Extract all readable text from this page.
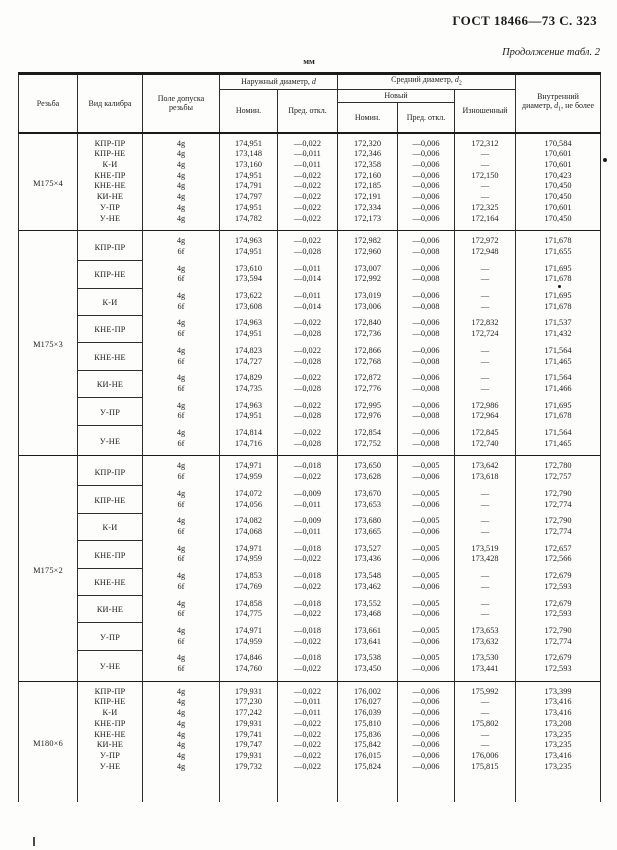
ГОСТ 18466—73 С. 323
Продолжение табл. 2
мм
Резьба	Вид калибра	Поле допуска резьбы	Наружный диаметр, d		Средний диаметр, $d_2$			Внутренний диаметр, $d_1$, не более
			Номин.	Пред. откл.	Новый		Изношенный	
					Номин.	Пред. откл.		
М175×4	КПР-ПР	4g	174,951	—0,022	172,320	—0,006	172,312	170,584
	КПР-НЕ	4g	173,148	—0,011	172,346	—0,006	—	170,601
	К-И	4g	173,160	—0,011	172,358	—0,006	—	170,601
	КНЕ-ПР	4g	174,951	—0,022	172,160	—0,006	172,150	170,423
	КНЕ-НЕ	4g	174,791	—0,022	172,185	—0,006	—	170,450
	КИ-НЕ	4g	174,797	—0,022	172,191	—0,006	—	170,450
	У-ПР	4g	174,951	—0,022	172,334	—0,006	172,325	170,601
	У-НЕ	4g	174,782	—0,022	172,173	—0,006	172,164	170,450
М175×3	КПР-ПР	4g	174,963	—0,022	172,982	—0,006	172,972	171,678
		6f	174,951	—0,028	172,960	—0,008	172,948	171,655
	КПР-НЕ	4g	173,610	—0,011	173,007	—0,006	—	171,695
		6f	173,594	—0,014	172,992	—0,008	—	171,678
	К-И	4g	173,622	—0,011	173,019	—0,006	—	171,695
		6f	173,608	—0,014	173,006	—0,008	—	171,678
	КНЕ-ПР	4g	174,963	—0,022	172,840	—0,006	172,832	171,537
		6f	174,951	—0,028	172,736	—0,008	172,724	171,432
	КНЕ-НЕ	4g	174,823	—0,022	172,866	—0,006	—	171,564
		6f	174,727	—0,028	172,768	—0,008	—	171,465
	КИ-НЕ	4g	174,829	—0,022	172,872	—0,006	—	171,564
		6f	174,735	—0,028	172,776	—0,008	—	171,466
	У-ПР	4g	174,963	—0,022	172,995	—0,006	172,986	171,695
		6f	174,951	—0,028	172,976	—0,008	172,964	171,678
	У-НЕ	4g	174,814	—0,022	172,854	—0,006	172,845	171,564
		6f	174,716	—0,028	172,752	—0,008	172,740	171,465
М175×2	КПР-ПР	4g	174,971	—0,018	173,650	—0,005	173,642	172,780
		6f	174,959	—0,022	173,628	—0,006	173,618	172,757
	КПР-НЕ	4g	174,072	—0,009	173,670	—0,005	—	172,790
		6f	174,056	—0,011	173,653	—0,006	—	172,774
	К-И	4g	174,082	—0,009	173,680	—0,005	—	172,790
		6f	174,068	—0,011	173,665	—0,006	—	172,774
	КНЕ-ПР	4g	174,971	—0,018	173,527	—0,005	173,519	172,657
		6f	174,959	—0,022	173,436	—0,006	173,428	172,566
	КНЕ-НЕ	4g	174,853	—0,018	173,548	—0,005	—	172,679
		6f	174,769	—0,022	173,462	—0,006	—	172,593
	КИ-НЕ	4g	174,858	—0,018	173,552	—0,005	—	172,679
		6f	174,775	—0,022	173,468	—0,006	—	172,593
	У-ПР	4g	174,971	—0,018	173,661	—0,005	173,653	172,790
		6f	174,959	—0,022	173,641	—0,006	173,632	172,774
	У-НЕ	4g	174,846	—0,018	173,538	—0,005	173,530	172,679
		6f	174,760	—0,022	173,450	—0,006	173,441	172,593
М180×6	КПР-ПР	4g	179,931	—0,022	176,002	—0,006	175,992	173,399
	КПР-НЕ	4g	177,230	—0,011	176,027	—0,006	—	173,416
	К-И	4g	177,242	—0,011	176,039	—0,006	—	173,416
	КНЕ-ПР	4g	179,931	—0,022	175,810	—0,006	175,802	173,208
	КНЕ-НЕ	4g	179,741	—0,022	175,836	—0,006	—	173,235
	КИ-НЕ	4g	179,747	—0,022	175,842	—0,006	—	173,235
	У-ПР	4g	179,931	—0,022	176,015	—0,006	176,006	173,416
	У-НЕ	4g	179,732	—0,022	175,824	—0,006	175,815	173,235
